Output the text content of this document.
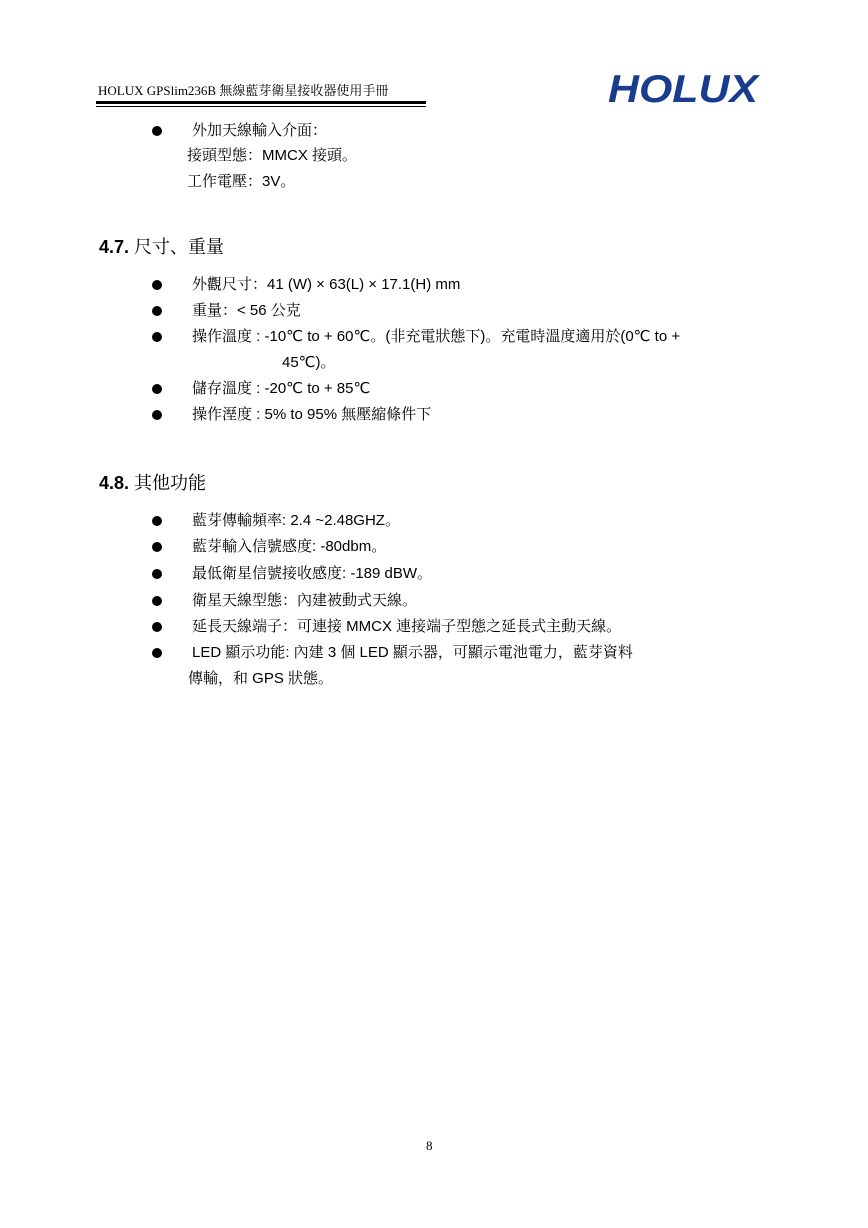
HOLUX GPSlim236B 無線藍芽衛星接收器使用手冊	HOLUX
外加天線輸入介面：
接頭型態：MMCX 接頭。
工作電壓：3V。
4.7. 尺寸、重量
外觀尺寸：41 (W) × 63(L) × 17.1(H) mm
重量：< 56 公克
操作溫度 : -10℃ to + 60℃。(非充電狀態下)。充電時溫度適用於(0℃ to +
45℃)。
儲存溫度 : -20℃ to + 85℃
操作溼度 : 5% to 95% 無壓縮條件下
4.8. 其他功能
藍芽傳輸頻率: 2.4 ~2.48GHZ。
藍芽輸入信號感度: -80dbm。
最低衛星信號接收感度: -189 dBW。
衛星天線型態：內建被動式天線。
延長天線端子：可連接 MMCX 連接端子型態之延長式主動天線。
LED 顯示功能: 內建 3 個 LED 顯示器，可顯示電池電力，藍芽資料
傳輸，和 GPS 狀態。
8
